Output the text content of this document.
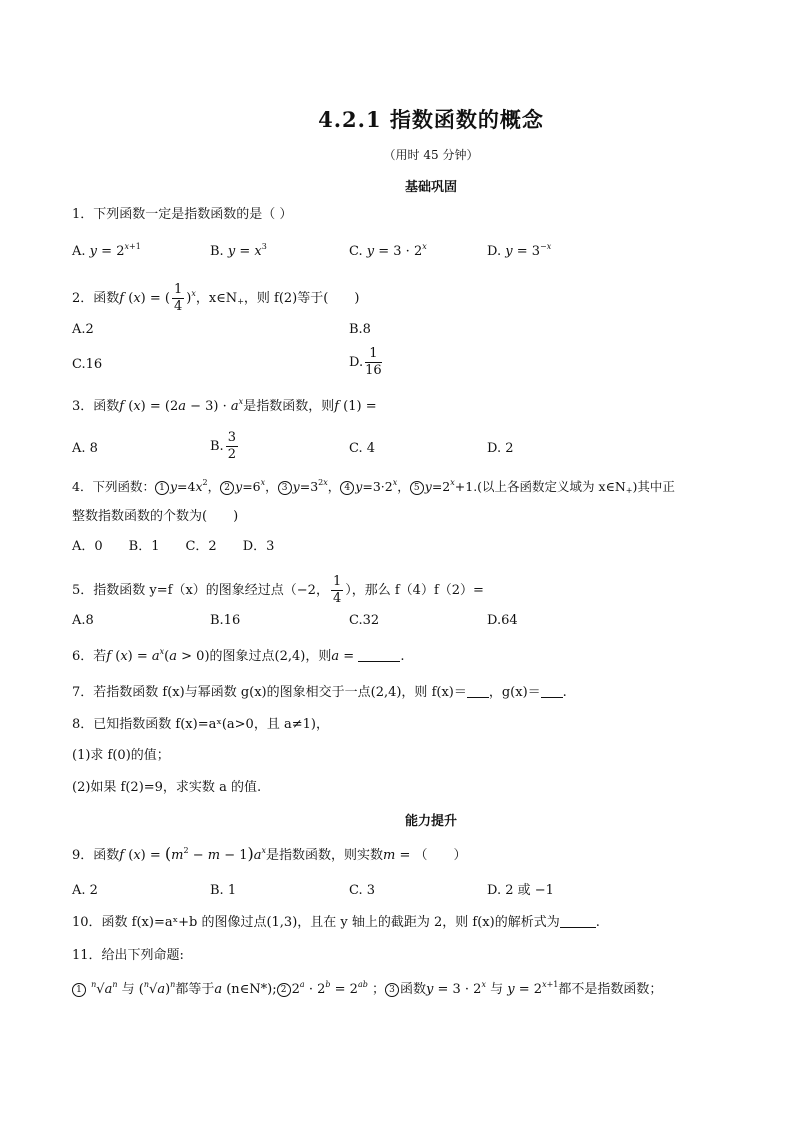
4.2.1 指数函数的概念
（用时 45 分钟）
基础巩固
1．下列函数一定是指数函数的是（ ）
A. $y = 2^{x+1}$	B. $y = x^3$	C. $y = 3 \cdot 2^x$	D. $y = 3^{-x}$
2．函数f (x) = ( $\frac{1}{4} )^x$，$x\in N_+$，则 f(2)等于(　　)
A.2	B.8
C.16	D. $\frac{1}{16}$
3．函数f $(x) = (2a - 3) \cdot a^x$是指数函数，则f (1) =
A. 8	B. $\frac{3}{2}$	C. 4	D. 2
4．下列函数： 1 $y=4x^2$， 2 $y=6^x$， 3 $y=3^{2x}$， 4 $y=3\cdot 2^x$， 5 $y=2^x+1$.(以上各函数定义域为 $x\in N_+$)其中正
整数指数函数的个数为(　　)
A．0　　B．1　　C．2　　D．3
5．指数函数 y=f（x）的图象经过点（−2， $\frac{1}{4}$ ），那么 f（4）f（2）=
A.8	B.16	C.32	D.64
6．若f $(x) = a^x(a > 0)$的图象过点(2,4)，则a =	.
7．若指数函数 f(x)与幂函数 g(x)的图象相交于一点(2,4)，则 f(x)＝ ，g(x)＝ .
8．已知指数函数 f(x)=aˣ(a>0，且 a≠1)，
(1)求 f(0)的值；
(2)如果 f(2)=9，求实数 a 的值.
能力提升
9．函数f $(x) = (m^2 - m - 1)a^x$是指数函数，则实数m = （　　）
A. 2	B. 1	C. 3	D. 2 或 −1
10．函数 f(x)=aˣ+b 的图像过点(1,3)，且在 y 轴上的截距为 2，则 f(x)的解析式为	.
11．给出下列命题:
1 $^n√a^n$ 与 $(^n√a)^n$都等于a (n∈N*); 2 $2^a \cdot 2^b = 2^{ab}$ ； 3 函数$y = 3 \cdot 2^x$ 与 $y = 2^{x+1}$都不是指数函数；
